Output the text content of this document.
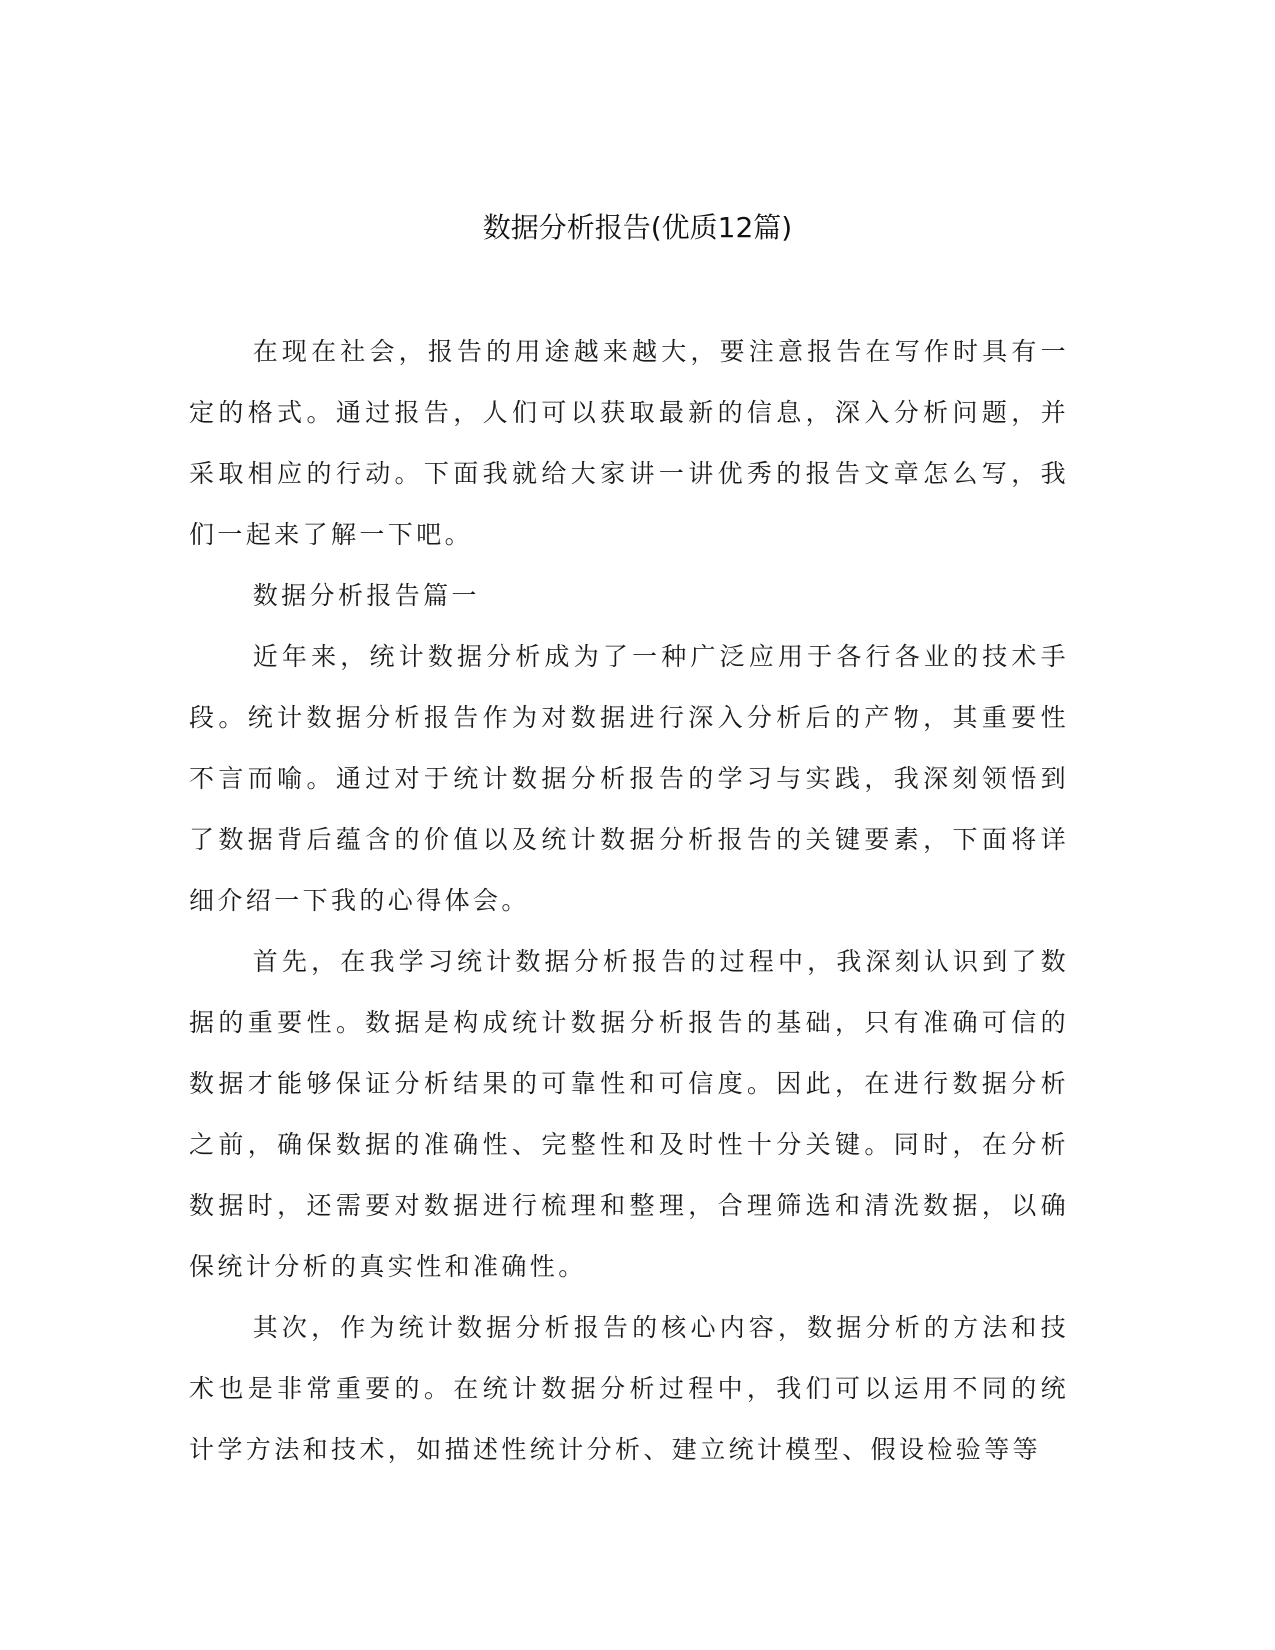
数据分析报告(优质12篇)

在现在社会，报告的用途越来越大，要注意报告在写作时具有一定的格式。通过报告，人们可以获取最新的信息，深入分析问题，并采取相应的行动。下面我就给大家讲一讲优秀的报告文章怎么写，我们一起来了解一下吧。

数据分析报告篇一

近年来，统计数据分析成为了一种广泛应用于各行各业的技术手段。统计数据分析报告作为对数据进行深入分析后的产物，其重要性不言而喻。通过对于统计数据分析报告的学习与实践，我深刻领悟到了数据背后蕴含的价值以及统计数据分析报告的关键要素，下面将详细介绍一下我的心得体会。

首先，在我学习统计数据分析报告的过程中，我深刻认识到了数据的重要性。数据是构成统计数据分析报告的基础，只有准确可信的数据才能够保证分析结果的可靠性和可信度。因此，在进行数据分析之前，确保数据的准确性、完整性和及时性十分关键。同时，在分析数据时，还需要对数据进行梳理和整理，合理筛选和清洗数据，以确保统计分析的真实性和准确性。

其次，作为统计数据分析报告的核心内容，数据分析的方法和技术也是非常重要的。在统计数据分析过程中，我们可以运用不同的统计学方法和技术，如描述性统计分析、建立统计模型、假设检验等等
